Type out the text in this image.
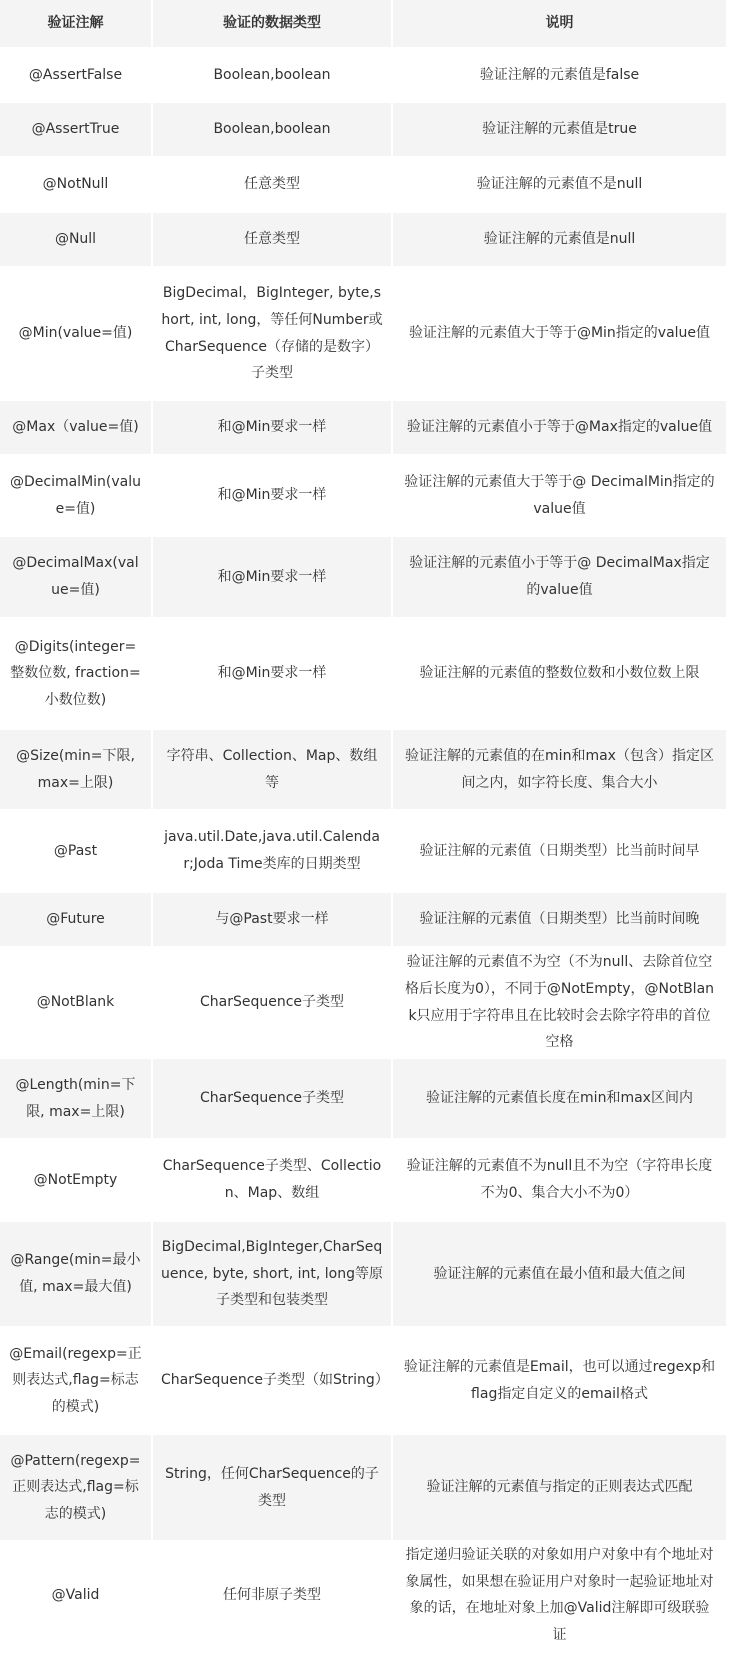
验证注解	验证的数据类型	说明
@AssertFalse	Boolean,boolean	验证注解的元素值是false
@AssertTrue	Boolean,boolean	验证注解的元素值是true
@NotNull	任意类型	验证注解的元素值不是null
@Null	任意类型	验证注解的元素值是null
@Min(value=值)	BigDecimal，BigInteger, byte,short, int, long，等任何Number或CharSequence（存储的是数字）子类型	验证注解的元素值大于等于@Min指定的value值
@Max（value=值)	和@Min要求一样	验证注解的元素值小于等于@Max指定的value值
@DecimalMin(value=值)	和@Min要求一样	验证注解的元素值大于等于@ DecimalMin指定的value值
@DecimalMax(value=值)	和@Min要求一样	验证注解的元素值小于等于@ DecimalMax指定的value值
@Digits(integer=整数位数, fraction=小数位数)	和@Min要求一样	验证注解的元素值的整数位数和小数位数上限
@Size(min=下限, max=上限)	字符串、Collection、Map、数组等	验证注解的元素值的在min和max（包含）指定区间之内，如字符长度、集合大小
@Past	java.util.Date,java.util.Calendar;Joda Time类库的日期类型	验证注解的元素值（日期类型）比当前时间早
@Future	与@Past要求一样	验证注解的元素值（日期类型）比当前时间晚
@NotBlank	CharSequence子类型	验证注解的元素值不为空（不为null、去除首位空格后长度为0），不同于@NotEmpty，@NotBlank只应用于字符串且在比较时会去除字符串的首位空格
@Length(min=下限, max=上限)	CharSequence子类型	验证注解的元素值长度在min和max区间内
@NotEmpty	CharSequence子类型、Collection、Map、数组	验证注解的元素值不为null且不为空（字符串长度不为0、集合大小不为0）
@Range(min=最小值, max=最大值)	BigDecimal,BigInteger,CharSequence, byte, short, int, long等原子类型和包装类型	验证注解的元素值在最小值和最大值之间
@Email(regexp=正则表达式,flag=标志的模式)	CharSequence子类型（如String）	验证注解的元素值是Email，也可以通过regexp和flag指定自定义的email格式
@Pattern(regexp=正则表达式,flag=标志的模式)	String，任何CharSequence的子类型	验证注解的元素值与指定的正则表达式匹配
@Valid	任何非原子类型	指定递归验证关联的对象如用户对象中有个地址对象属性，如果想在验证用户对象时一起验证地址对象的话，在地址对象上加@Valid注解即可级联验证
